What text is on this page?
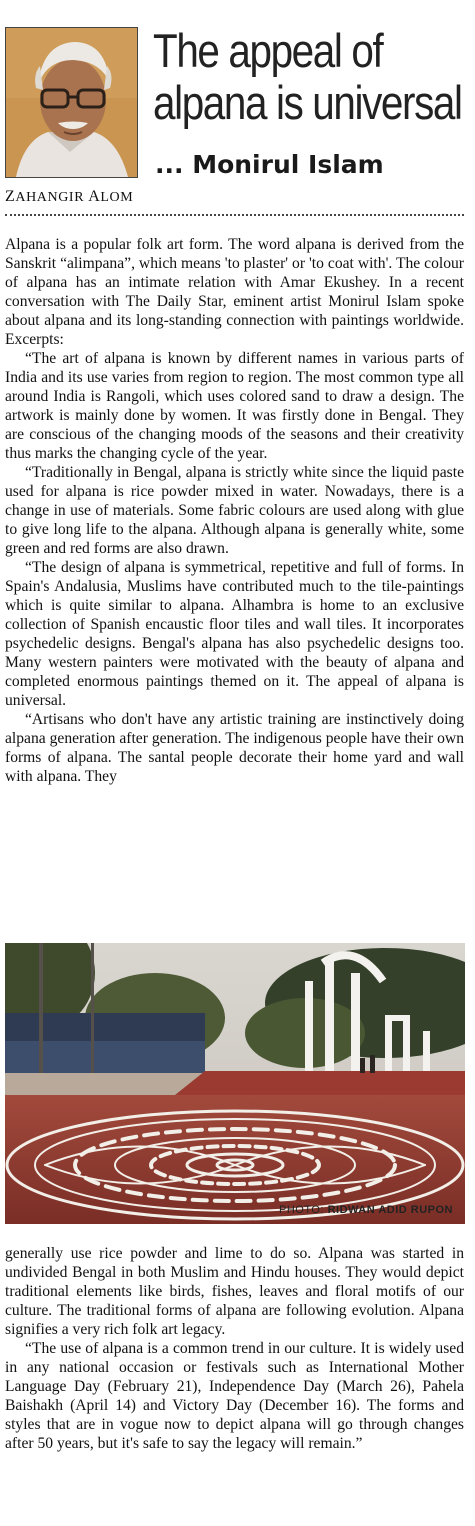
The appeal of
alpana is universal
... Monirul Islam
ZAHANGIR ALOM

Alpana is a popular folk art form. The word alpana is derived from the Sanskrit “alimpana”, which means 'to plaster' or 'to coat with'. The colour of alpana has an intimate relation with Amar Ekushey. In a recent conversation with The Daily Star, eminent artist Monirul Islam spoke about alpana and its long-standing connection with paintings worldwide. Excerpts:

“The art of alpana is known by different names in various parts of India and its use varies from region to region. The most common type all around India is Rangoli, which uses colored sand to draw a design. The artwork is mainly done by women. It was firstly done in Bengal. They are conscious of the changing moods of the seasons and their creativity thus marks the changing cycle of the year.

“Traditionally in Bengal, alpana is strictly white since the liquid paste used for alpana is rice powder mixed in water. Nowadays, there is a change in use of materials. Some fabric colours are used along with glue to give long life to the alpana. Although alpana is generally white, some green and red forms are also drawn.

“The design of alpana is symmetrical, repetitive and full of forms. In Spain's Andalusia, Muslims have contributed much to the tile-paintings which is quite similar to alpana. Alhambra is home to an exclusive collection of Spanish encaustic floor tiles and wall tiles. It incorporates psychedelic designs. Bengal's alpana has also psychedelic designs too. Many western painters were motivated with the beauty of alpana and completed enormous paintings themed on it. The appeal of alpana is universal.

“Artisans who don't have any artistic training are instinctively doing alpana generation after generation. The indigenous people have their own forms of alpana. The santal people decorate their home yard and wall with alpana. They

PHOTO: RIDWAN ADID RUPON

generally use rice powder and lime to do so. Alpana was started in undivided Bengal in both Muslim and Hindu houses. They would depict traditional elements like birds, fishes, leaves and floral motifs of our culture. The traditional forms of alpana are following evolution. Alpana signifies a very rich folk art legacy.

“The use of alpana is a common trend in our culture. It is widely used in any national occasion or festivals such as International Mother Language Day (February 21), Independence Day (March 26), Pahela Baishakh (April 14) and Victory Day (December 16). The forms and styles that are in vogue now to depict alpana will go through changes after 50 years, but it's safe to say the legacy will remain.”
